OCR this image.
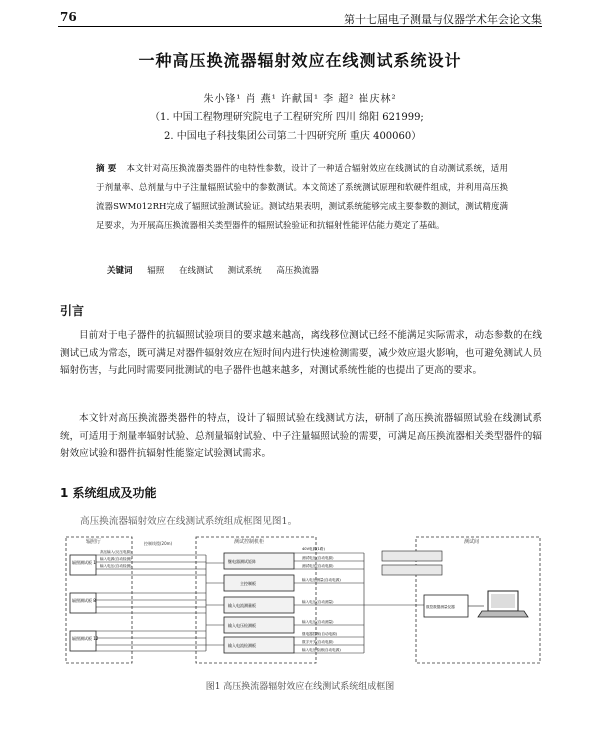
76	第十七届电子测量与仪器学术年会论文集
一种高压换流器辐射效应在线测试系统设计
朱小锋¹ 肖 燕¹ 许献国¹ 李 超² 崔庆林²
（1. 中国工程物理研究院电子工程研究所 四川 绵阳 621999;
2. 中国电子科技集团公司第二十四研究所 重庆 400060）
摘 要 本文针对高压换流器类器件的电特性参数，设计了一种适合辐射效应在线测试的自动测试系统，适用于剂量率、总剂量与中子注量辐照试验中的参数测试。本文简述了系统测试原理和软硬件组成，并利用高压换流器SWM012RH完成了辐照试验测试验证。测试结果表明，测试系统能够完成主要参数的测试，测试精度满足要求，为开展高压换流器相关类型器件的辐照试验验证和抗辐射性能评估能力奠定了基础。
关键词 辐照 在线测试 测试系统 高压换流器
引言
目前对于电子器件的抗辐照试验项目的要求越来越高，离线移位测试已经不能满足实际需求，动态参数的在线测试已成为常态，既可满足对器件辐射效应在短时间内进行快速检测需要，减少效应退火影响，也可避免测试人员辐射伤害，与此同时需要同批测试的电子器件也越来越多，对测试系统性能的也提出了更高的要求。
本文针对高压换流器类器件的特点，设计了辐照试验在线测试方法，研制了高压换流器辐照试验在线测试系统，可适用于剂量率辐射试验、总剂量辐射试验、中子注量辐照试验的需要，可满足高压换流器相关类型器件的辐射效应试验和器件抗辐射性能鉴定试验测试需求。
1 系统组成及功能
高压换流器辐射效应在线测试系统组成框图见图1。
辐照厅	测试控制机柜	测试间
控制线缆(20m)
辐照测试板 1
辐照测试板 8
辐照测试板 12
高压输入(反压电源)
输入电源(自动检测)
输入电压(自动检测)
继电器测试矩阵
主控制板
输入电流测量板
输入电压检测板
输入电流检测板
40V电源(1路)
测试电压(自动电源)
测试电压(自动电源)
输入电压测量(自动电源)
输入电压(自动测量)
输入电压(自动测量)
继电器控制(自动电源)
数字开关(自动电源)
输入电压检测(自动电源)
数控数据测量仪器
图1 高压换流器辐射效应在线测试系统组成框图
